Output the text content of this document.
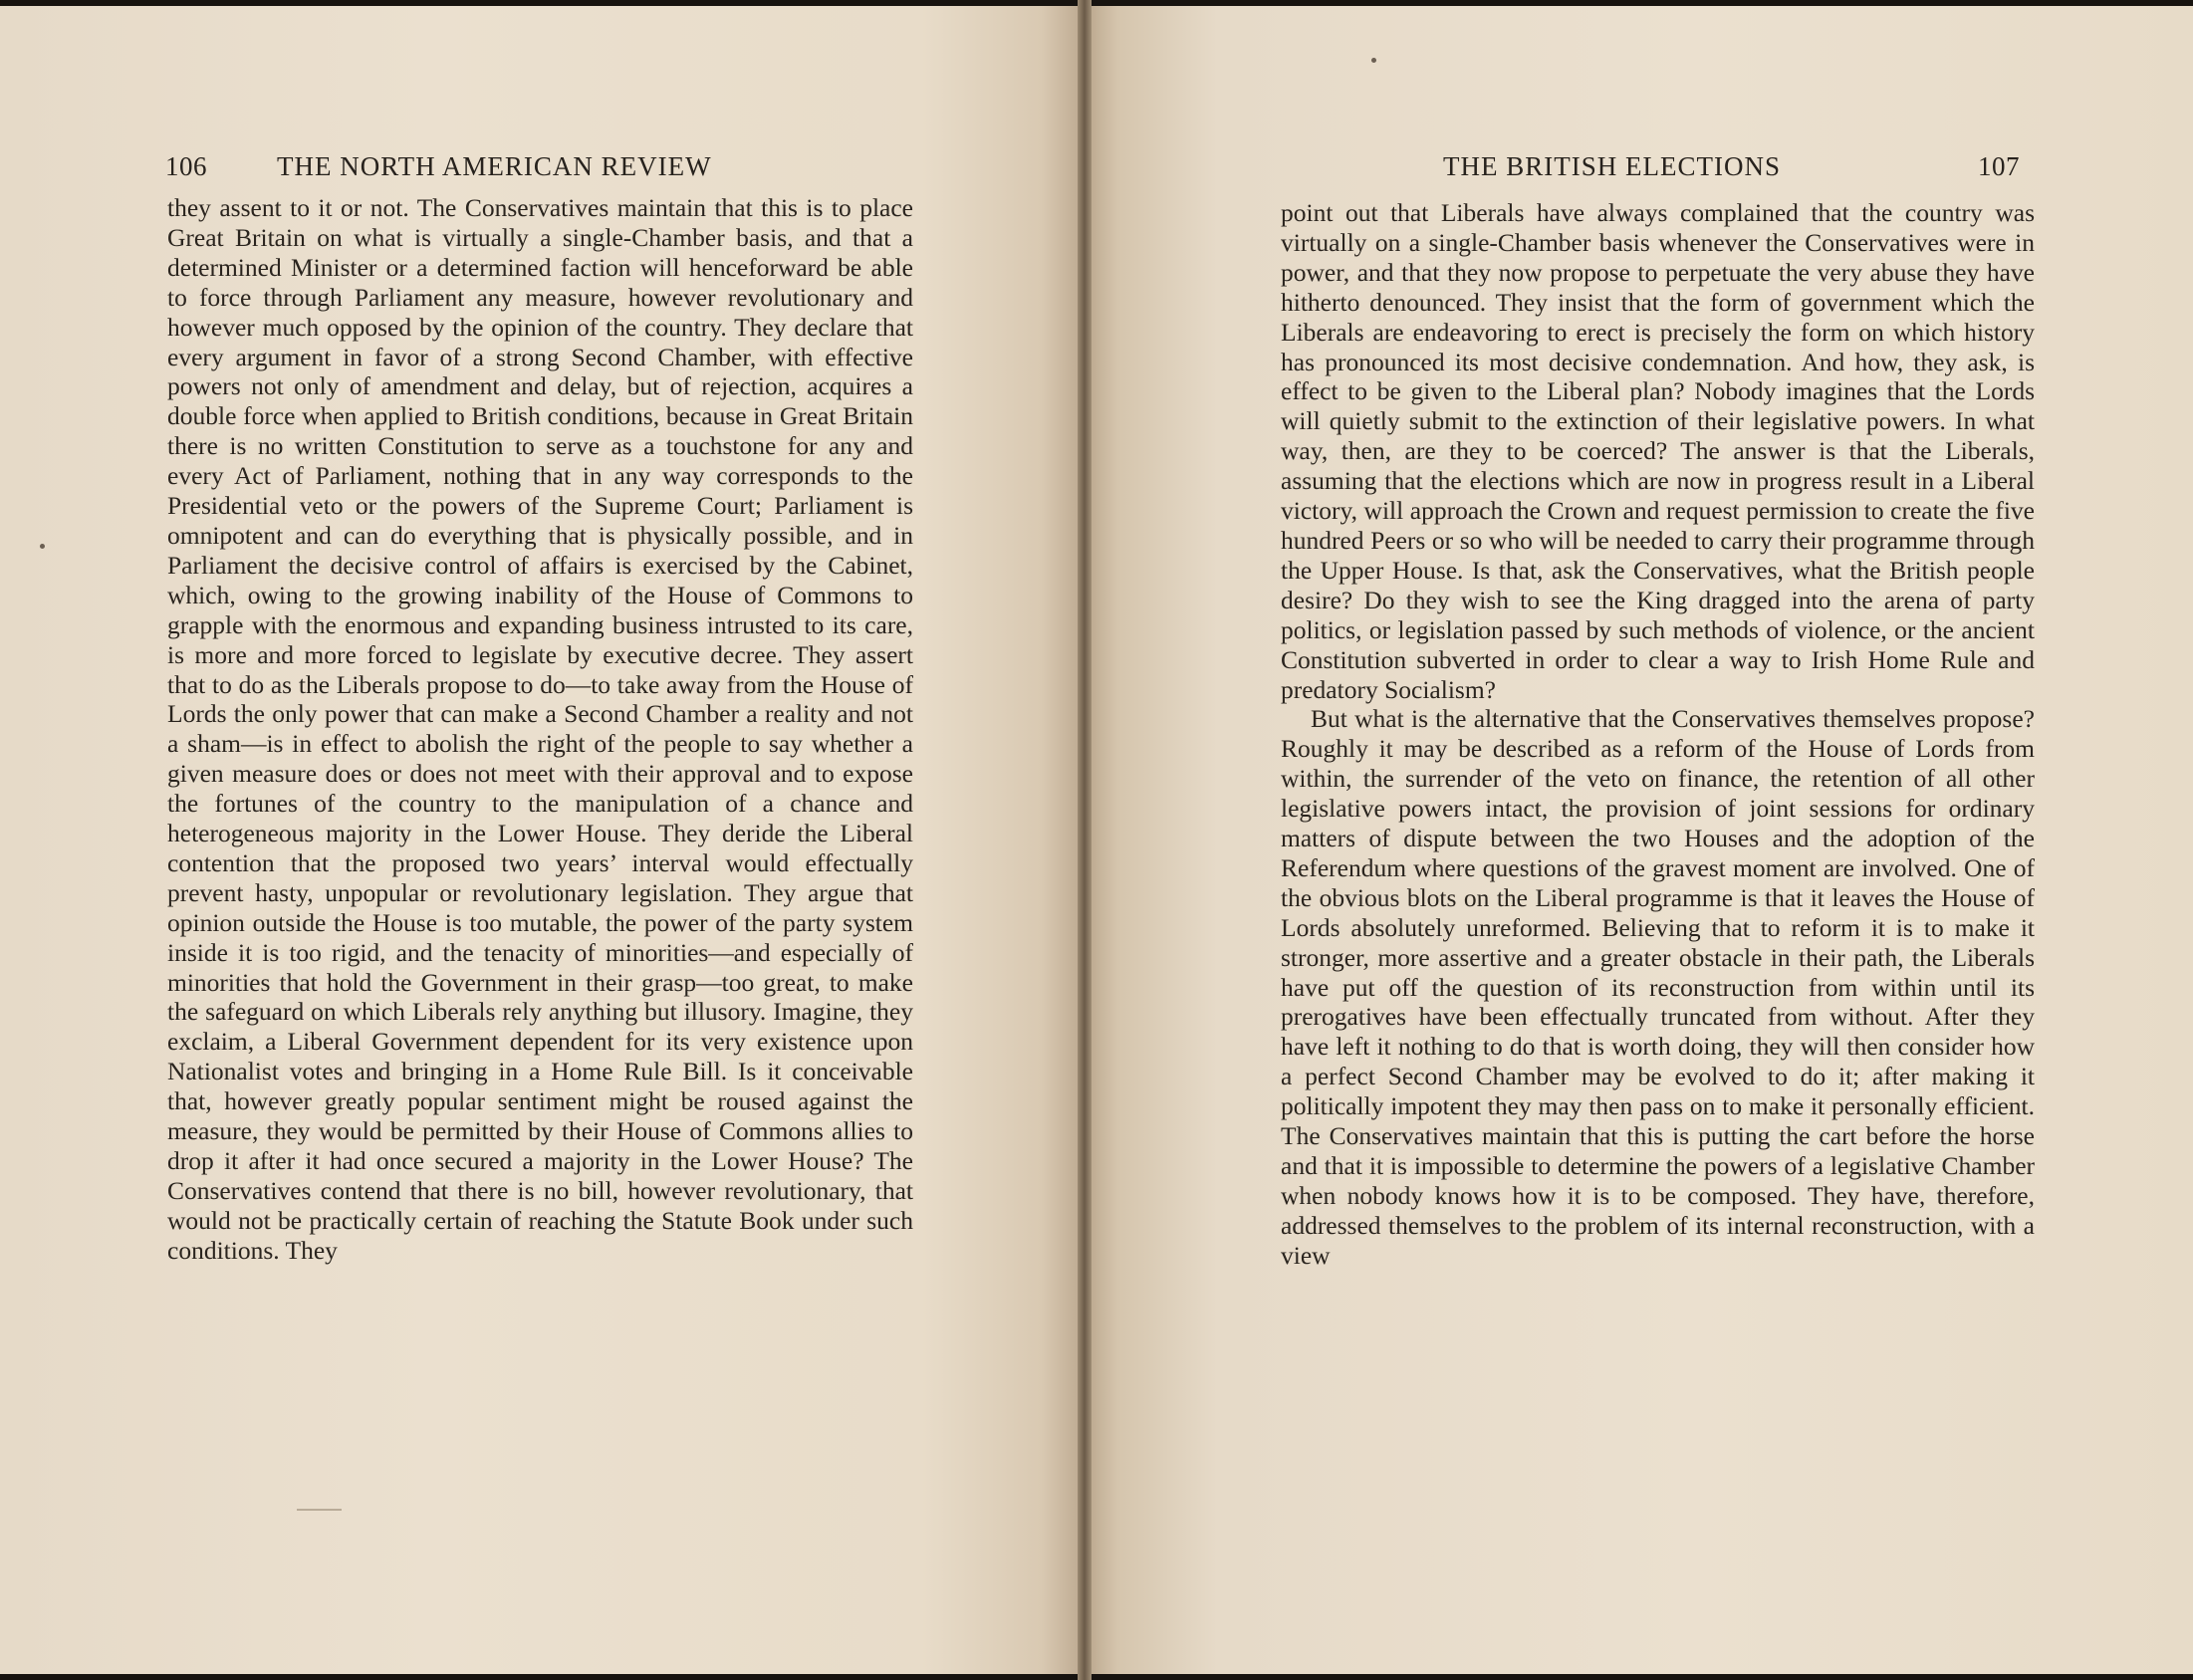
106	THE NORTH AMERICAN REVIEW

they assent to it or not. The Conservatives maintain that this is to place Great Britain on what is virtually a single-Chamber basis, and that a determined Minister or a determined faction will henceforward be able to force through Parliament any measure, however revolutionary and however much opposed by the opinion of the country. They declare that every argument in favor of a strong Second Chamber, with effective powers not only of amendment and delay, but of rejection, acquires a double force when applied to British conditions, because in Great Britain there is no written Constitution to serve as a touchstone for any and every Act of Parliament, nothing that in any way corresponds to the Presidential veto or the powers of the Supreme Court; Parliament is omnipotent and can do everything that is physically possible, and in Parliament the decisive control of affairs is exercised by the Cabinet, which, owing to the growing inability of the House of Commons to grapple with the enormous and expanding business intrusted to its care, is more and more forced to legislate by executive decree. They assert that to do as the Liberals propose to do—to take away from the House of Lords the only power that can make a Second Chamber a reality and not a sham—is in effect to abolish the right of the people to say whether a given measure does or does not meet with their approval and to expose the fortunes of the country to the manipulation of a chance and heterogeneous majority in the Lower House. They deride the Liberal contention that the proposed two years’ interval would effectually prevent hasty, unpopular or revolutionary legislation. They argue that opinion outside the House is too mutable, the power of the party system inside it is too rigid, and the tenacity of minorities—and especially of minorities that hold the Government in their grasp—too great, to make the safeguard on which Liberals rely anything but illusory. Imagine, they exclaim, a Liberal Government dependent for its very existence upon Nationalist votes and bringing in a Home Rule Bill. Is it conceivable that, however greatly popular sentiment might be roused against the measure, they would be permitted by their House of Commons allies to drop it after it had once secured a majority in the Lower House? The Conservatives contend that there is no bill, however revolutionary, that would not be practically certain of reaching the Statute Book under such conditions. They

THE BRITISH ELECTIONS	107

point out that Liberals have always complained that the country was virtually on a single-Chamber basis whenever the Conservatives were in power, and that they now propose to perpetuate the very abuse they have hitherto denounced. They insist that the form of government which the Liberals are endeavoring to erect is precisely the form on which history has pronounced its most decisive condemnation. And how, they ask, is effect to be given to the Liberal plan? Nobody imagines that the Lords will quietly submit to the extinction of their legislative powers. In what way, then, are they to be coerced? The answer is that the Liberals, assuming that the elections which are now in progress result in a Liberal victory, will approach the Crown and request permission to create the five hundred Peers or so who will be needed to carry their programme through the Upper House. Is that, ask the Conservatives, what the British people desire? Do they wish to see the King dragged into the arena of party politics, or legislation passed by such methods of violence, or the ancient Constitution subverted in order to clear a way to Irish Home Rule and predatory Socialism?

But what is the alternative that the Conservatives themselves propose? Roughly it may be described as a reform of the House of Lords from within, the surrender of the veto on finance, the retention of all other legislative powers intact, the provision of joint sessions for ordinary matters of dispute between the two Houses and the adoption of the Referendum where questions of the gravest moment are involved. One of the obvious blots on the Liberal programme is that it leaves the House of Lords absolutely unreformed. Believing that to reform it is to make it stronger, more assertive and a greater obstacle in their path, the Liberals have put off the question of its reconstruction from within until its prerogatives have been effectually truncated from without. After they have left it nothing to do that is worth doing, they will then consider how a perfect Second Chamber may be evolved to do it; after making it politically impotent they may then pass on to make it personally efficient. The Conservatives maintain that this is putting the cart before the horse and that it is impossible to determine the powers of a legislative Chamber when nobody knows how it is to be composed. They have, therefore, addressed themselves to the problem of its internal reconstruction, with a view
